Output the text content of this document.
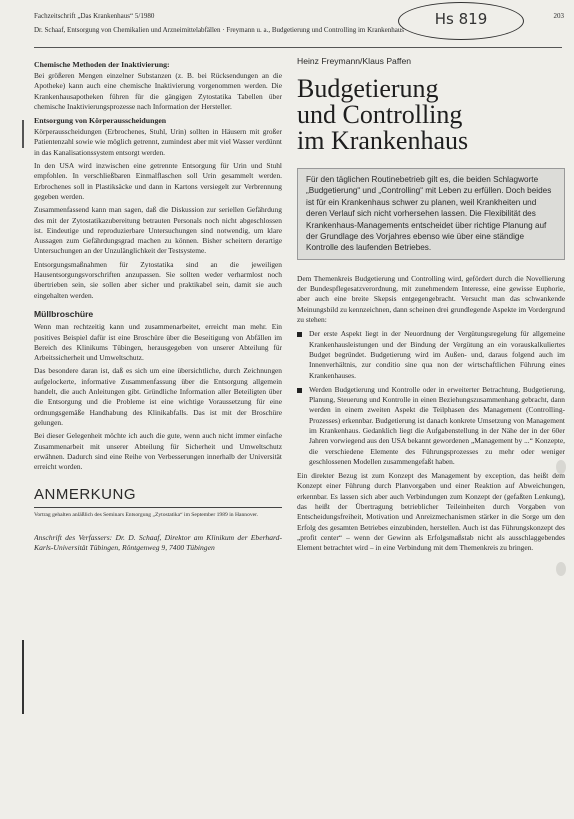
Fachzeitschrift „Das Krankenhaus“ 5/1980	203
Dr. Schaaf, Entsorgung von Chemikalien und Arzneimittelabfällen · Freymann u. a., Budgetierung und Controlling im Krankenhaus
Hs 819
Chemische Methoden der Inaktivierung:

Bei größeren Mengen einzelner Substanzen (z. B. bei Rücksendungen an die Apotheke) kann auch eine chemische Inaktivierung vorgenommen werden. Die Krankenhausapotheken führen für die gängigen Zytostatika Tabellen über chemische Inaktivierungsprozesse nach Information der Hersteller.

Entsorgung von Körperausscheidungen

Körperausscheidungen (Erbrochenes, Stuhl, Urin) sollten in Häusern mit großer Patientenzahl sowie wie möglich getrennt, zumindest aber mit viel Wasser verdünnt in das Kanalisationssystem entsorgt werden.

In den USA wird inzwischen eine getrennte Entsorgung für Urin und Stuhl empfohlen. In verschließbaren Einmalflaschen soll Urin gesammelt werden. Erbrochenes soll in Plastiksäcke und dann in Kartons versiegelt zur Verbrennung gegeben werden.

Zusammenfassend kann man sagen, daß die Diskussion zur seriellen Gefährdung des mit der Zytostatikazubereitung betrauten Personals noch nicht abgeschlossen ist. Eindeutige und reproduzierbare Untersuchungen sind notwendig, um klare Aussagen zum Gefährdungsgrad machen zu können. Bisher scheitern derartige Untersuchungen an der Unzulänglichkeit der Testsysteme.

Entsorgungsmaßnahmen für Zytostatika sind an die jeweiligen Hausentsorgungsvorschriften anzupassen. Sie sollten weder verharmlost noch übertrieben sein, sie sollen aber sicher und praktikabel sein, damit sie auch eingehalten werden.

Müllbroschüre

Wenn man rechtzeitig kann und zusammenarbeitet, erreicht man mehr. Ein positives Beispiel dafür ist eine Broschüre über die Beseitigung von Abfällen im Bereich des Klinikums Tübingen, herausgegeben von unserer Abteilung für Arbeitssicherheit und Umweltschutz.

Das besondere daran ist, daß es sich um eine übersichtliche, durch Zeichnungen aufgelockerte, informative Zusammenfassung über die Entsorgung allgemein handelt, die auch Anleitungen gibt. Gründliche Information aller Beteiligten über die Entsorgung und die Probleme ist eine wichtige Voraussetzung für eine ordnungsgemäße Handhabung des Klinikabfalls. Das ist mit der Broschüre gelungen.

Bei dieser Gelegenheit möchte ich auch die gute, wenn auch nicht immer einfache Zusammenarbeit mit unserer Abteilung für Sicherheit und Umweltschutz erwähnen. Dadurch sind eine Reihe von Verbesserungen innerhalb der Universität erreicht worden.

ANMERKUNG
Vortrag gehalten anläßlich des Seminars Entsorgung „Zytostatika“ im September 1989 in Hannover.
Anschrift des Verfassers: Dr. D. Schaaf, Direktor am Klinikum der Eberhard-Karls-Universität Tübingen, Röntgenweg 9, 7400 Tübingen
Heinz Freymann/Klaus Paffen
Budgetierung
und Controlling
im Krankenhaus
Für den täglichen Routinebetrieb gilt es, die beiden Schlagworte „Budgetierung“ und „Controlling“ mit Leben zu erfüllen. Doch beides ist für ein Krankenhaus schwer zu planen, weil Krankheiten und deren Verlauf sich nicht vorhersehen lassen. Die Flexibilität des Krankenhaus-Managements entscheidet über richtige Planung auf der Grundlage des Vorjahres ebenso wie über eine ständige Kontrolle des laufenden Betriebes.

Dem Themenkreis Budgetierung und Controlling wird, gefördert durch die Novellierung der Bundespflegesatzverordnung, mit zunehmendem Interesse, eine gewisse Euphorie, aber auch eine breite Skepsis entgegengebracht. Versucht man das schwankende Meinungsbild zu kennzeichnen, dann scheinen drei grundlegende Aspekte im Vordergrund zu stehen:

Der erste Aspekt liegt in der Neuordnung der Vergütungsregelung für allgemeine Krankenhausleistungen und der Bindung der Vergütung an ein vorauskalkuliertes Budget begründet. Budgetierung wird im Außen- und, daraus folgend auch im Innenverhältnis, zur conditio sine qua non der wirtschaftlichen Führung eines Krankenhauses.
Werden Budgetierung und Kontrolle oder in erweiterter Betrachtung, Budgetierung, Planung, Steuerung und Kontrolle in einen Beziehungszusammenhang gebracht, dann werden in einem zweiten Aspekt die Teilphasen des Management (Controlling-Prozesses) erkennbar. Budgetierung ist danach konkrete Umsetzung von Management im Krankenhaus. Gedanklich liegt die Aufgabenstellung in der Nähe der in der 60er Jahren vorwiegend aus den USA bekannt gewordenen „Management by ...“ Konzepte, die verschiedene Elemente des Führungsprozesses zu mehr oder weniger geschlossenen Modellen zusammengefaßt haben.

Ein direkter Bezug ist zum Konzept des Management by exception, das heißt dem Konzept einer Führung durch Planvorgaben und einer Reaktion auf Abweichungen, erkennbar. Es lassen sich aber auch Verbindungen zum Konzept der (gefaßten Lenkung), das heißt der Übertragung betrieblicher Teileinheiten durch Vorgaben von Entscheidungsfreiheit, Motivation und Anreizmechanismen stärker in die Sorge um den Erfolg des gesamten Betriebes einzubinden, herstellen. Auch ist das Führungskonzept des „profit center“ – wenn der Gewinn als Erfolgsmaßstab nicht als ausschlaggebendes Element betrachtet wird – in eine Verbindung mit dem Themenkreis zu bringen.
